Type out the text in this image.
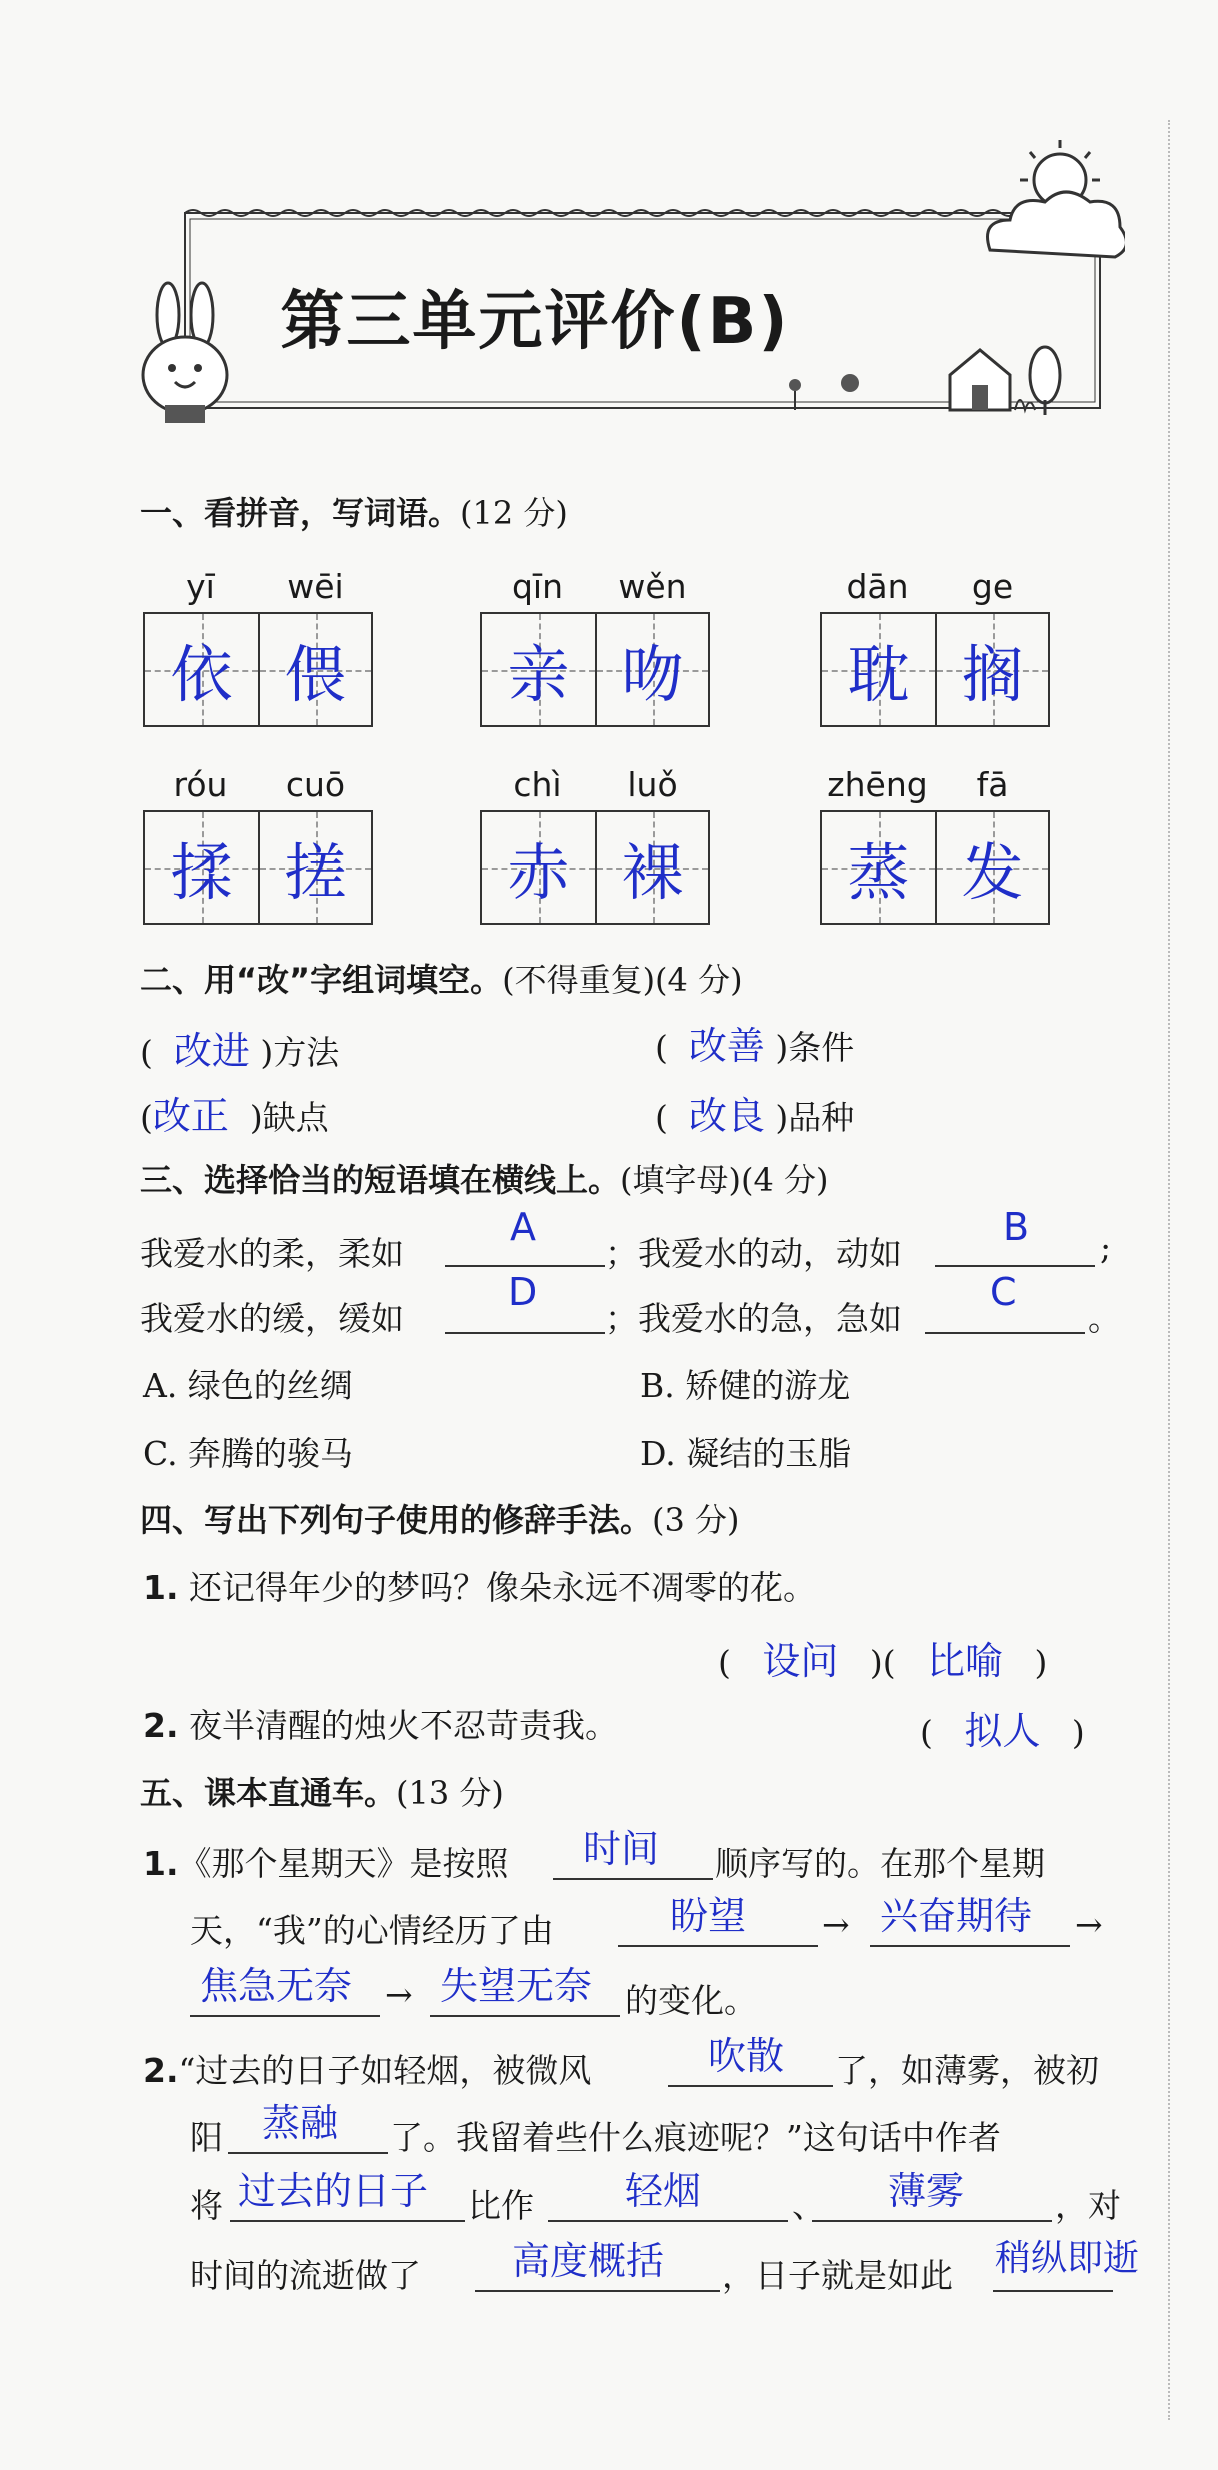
第三单元评价(B)
一、看拼音，写词语。(12 分)
yī	wēi
依 偎
qīn	wěn
亲 吻
dān	ge
耽 搁
róu	cuō
揉 搓
chì	luǒ
赤 裸
zhēng	fā
蒸 发
二、用“改”字组词填空。(不得重复)(4 分)
(  改进 )方法	(  改善 )条件
(改正 )缺点	(  改良 )品种
三、选择恰当的短语填在横线上。(填字母)(4 分)
我爱水的柔，柔如
A
；我爱水的动，动如
B ;
我爱水的缓，缓如
D
；我爱水的急，急如
C
。
A. 绿色的丝绸	B. 矫健的游龙
C. 奔腾的骏马	D. 凝结的玉脂
四、写出下列句子使用的修辞手法。(3 分)
1. 还记得年少的梦吗？像朵永远不凋零的花。
(   设问   )(   比喻   )
2. 夜半清醒的烛火不忍苛责我。	(   拟人   )
五、课本直通车。(13 分)
1.《那个星期天》是按照 时间 顺序写的。在那个星期
天，“我”的心情经历了由	盼望 → 兴奋期待 →
焦急无奈 → 失望无奈 的变化。
2.“过去的日子如轻烟，被微风	吹散 了，如薄雾，被初
阳 蒸融 了。我留着些什么痕迹呢？”这句话中作者
将 过去的日子 比作 轻烟	、 薄雾	，对
时间的流逝做了 高度概括 ，日子就是如此 稍纵即逝
